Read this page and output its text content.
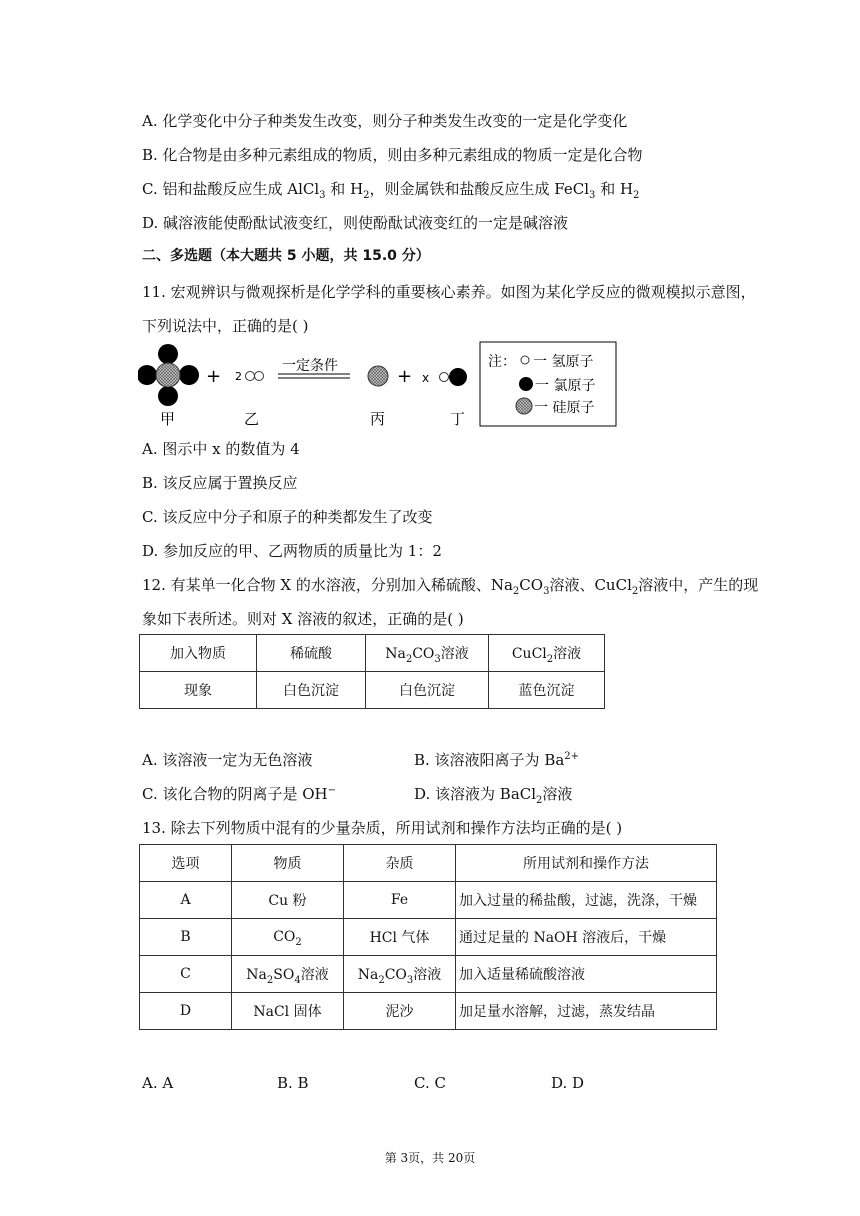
A. 化学变化中分子种类发生改变，则分子种类发生改变的一定是化学变化
B. 化合物是由多种元素组成的物质，则由多种元素组成的物质一定是化合物
C. 铝和盐酸反应生成 AlCl$_3$ 和 $H_2$，则金属铁和盐酸反应生成 FeCl$_3$ 和 $H_2$
D. 碱溶液能使酚酞试液变红，则使酚酞试液变红的一定是碱溶液
二、多选题（本大题共 5 小题，共 15.0 分）
11. 宏观辨识与微观探析是化学学科的重要核心素养。如图为某化学反应的微观模拟示意图，
下列说法中，正确的是( )
+ 2
一定条件	+ x
甲	乙	丙	丁
注： 一 氢原子
一 氯原子
一 硅原子
A. 图示中 x 的数值为 4
B. 该反应属于置换反应
C. 该反应中分子和原子的种类都发生了改变
D. 参加反应的甲、乙两物质的质量比为 1：2
12. 有某单一化合物 X 的水溶液，分别加入稀硫酸、$Na_2CO_3$溶液、CuCl$_2$溶液中，产生的现
象如下表所述。则对 X 溶液的叙述，正确的是( )
加入物质	稀硫酸	$Na_2CO_3$溶液	CuCl$_2$溶液
现象	白色沉淀	白色沉淀	蓝色沉淀
A. 该溶液一定为无色溶液	B. 该溶液阳离子为 $Ba^{2+}$
C. 该化合物的阴离子是 OH−	D. 该溶液为 BaCl$_2$溶液
13. 除去下列物质中混有的少量杂质，所用试剂和操作方法均正确的是( )
选项	物质	杂质	所用试剂和操作方法
A	Cu 粉	Fe	加入过量的稀盐酸，过滤，洗涤，干燥
B	$CO_2$	HCl 气体	通过足量的 NaOH 溶液后，干燥
C	$Na_2SO_4$溶液	$Na_2CO_3$溶液	加入适量稀硫酸溶液
D	NaCl 固体	泥沙	加足量水溶解，过滤，蒸发结晶
A. A	B. B	C. C	D. D
第 3页，共 20页
